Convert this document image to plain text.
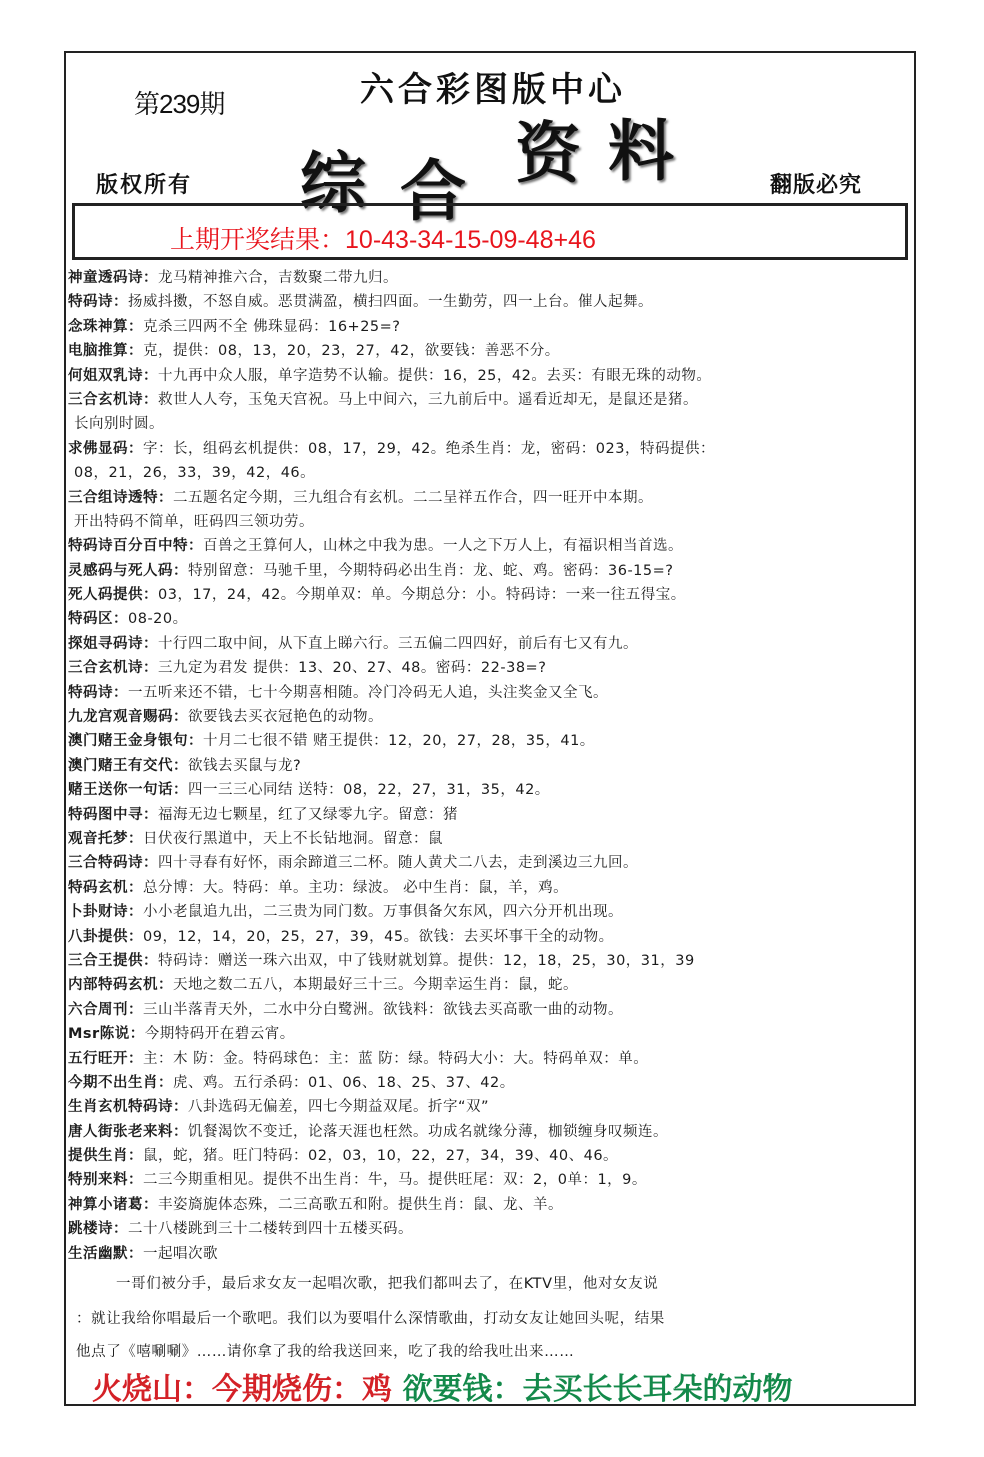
第239期	六合彩图版中心
综 合 资 料
版权所有	翻版必究
上期开奖结果：10-43-34-15-09-48+46
神童透码诗：龙马精神推六合，吉数聚二带九归。
特码诗：扬威抖擞，不怒自威。恶贯满盈，横扫四面。一生勤劳，四一上台。催人起舞。
念珠神算：克杀三四两不全 佛珠显码：16+25=?
电脑推算：克，提供：08，13，20，23，27，42，欲要钱：善恶不分。
何姐双乳诗：十九再中众人服，单字造势不认输。提供：16，25，42。去买：有眼无珠的动物。
三合玄机诗：救世人人夸，玉兔天宫祝。马上中间六，三九前后中。遥看近却无，是鼠还是猪。
长向别时圆。
求佛显码：字：长，组码玄机提供：08，17，29，42。绝杀生肖：龙，密码：023，特码提供：
08，21，26，33，39，42，46。
三合组诗透特：二五题名定今期，三九组合有玄机。二二呈祥五作合，四一旺开中本期。
开出特码不简单，旺码四三领功劳。
特码诗百分百中特：百兽之王算何人，山林之中我为患。一人之下万人上，有福识相当首选。
灵感码与死人码：特别留意：马驰千里，今期特码必出生肖：龙、蛇、鸡。密码：36-15=?
死人码提供：03，17，24，42。今期单双：单。今期总分：小。特码诗：一来一往五得宝。
特码区：08-20。
探姐寻码诗：十行四二取中间，从下直上睇六行。三五偏二四四好，前后有七又有九。
三合玄机诗：三九定为君发 提供：13、20、27、48。密码：22-38=?
特码诗：一五听来还不错，七十今期喜相随。冷门冷码无人追，头注奖金又全飞。
九龙宫观音赐码：欲要钱去买衣冠艳色的动物。
澳门赌王金身银句：十月二七很不错 赌王提供：12，20，27，28，35，41。
澳门赌王有交代：欲钱去买鼠与龙?
赌王送你一句话：四一三三心同结 送特：08，22，27，31，35，42。
特码图中寻：福海无边七颗星，红了又绿零九字。留意：猪
观音托梦：日伏夜行黑道中，天上不长钻地洞。留意：鼠
三合特码诗：四十寻春有好怀，雨余蹄道三二杯。随人黄犬二八去，走到溪边三九回。
特码玄机：总分博：大。特码：单。主功：绿波。 必中生肖：鼠，羊，鸡。
卜卦财诗：小小老鼠追九出，二三贵为同门数。万事俱备欠东风，四六分开机出现。
八卦提供：09，12，14，20，25，27，39，45。欲钱：去买坏事干全的动物。
三合王提供：特码诗：赠送一珠六出双，中了钱财就划算。提供：12，18，25，30，31，39
内部特码玄机：天地之数二五八，本期最好三十三。今期幸运生肖：鼠，蛇。
六合周刊：三山半落青天外，二水中分白鹭洲。欲钱料：欲钱去买高歌一曲的动物。
Msr陈说：今期特码开在碧云宵。
五行旺开：主：木 防：金。特码球色：主：蓝 防：绿。特码大小：大。特码单双：单。
今期不出生肖：虎、鸡。五行杀码：01、06、18、25、37、42。
生肖玄机特码诗：八卦选码无偏差，四七今期益双尾。折字“双”
唐人街张老来料：饥餐渴饮不变迁，论落天涯也枉然。功成名就缘分薄，枷锁缠身叹频连。
提供生肖：鼠，蛇，猪。旺门特码：02，03，10，22，27，34，39、40、46。
特别来料：二三今期重相见。提供不出生肖：牛，马。提供旺尾：双：2，0单：1，9。
神算小诸葛：丰姿旖旎体态殊，二三高歌五和附。提供生肖：鼠、龙、羊。
跳楼诗：二十八楼跳到三十二楼转到四十五楼买码。
生活幽默：一起唱次歌
一哥们被分手，最后求女友一起唱次歌，把我们都叫去了，在KTV里，他对女友说
：就让我给你唱最后一个歌吧。我们以为要唱什么深情歌曲，打动女友让她回头呢，结果
他点了《嘻唰唰》……请你拿了我的给我送回来，吃了我的给我吐出来……
火烧山：今期烧伤：鸡 欲要钱：去买长长耳朵的动物
